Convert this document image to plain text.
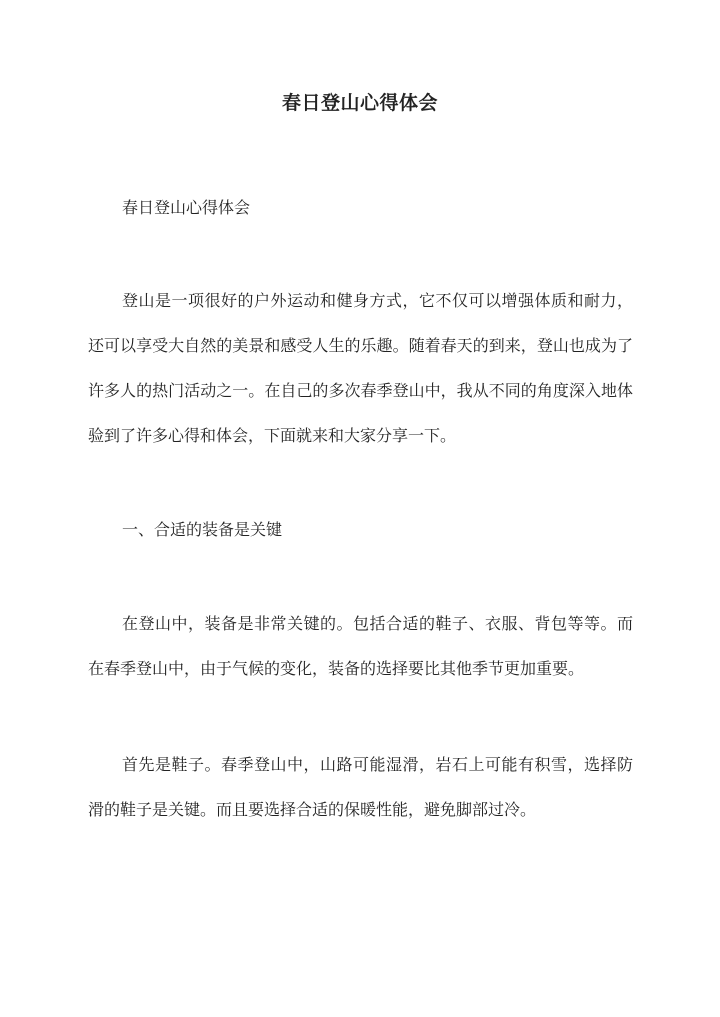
春日登山心得体会

春日登山心得体会

登山是一项很好的户外运动和健身方式，它不仅可以增强体质和耐力，还可以享受大自然的美景和感受人生的乐趣。随着春天的到来，登山也成为了许多人的热门活动之一。在自己的多次春季登山中，我从不同的角度深入地体验到了许多心得和体会，下面就来和大家分享一下。

一、合适的装备是关键

在登山中，装备是非常关键的。包括合适的鞋子、衣服、背包等等。而在春季登山中，由于气候的变化，装备的选择要比其他季节更加重要。

首先是鞋子。春季登山中，山路可能湿滑，岩石上可能有积雪，选择防滑的鞋子是关键。而且要选择合适的保暖性能，避免脚部过冷。
